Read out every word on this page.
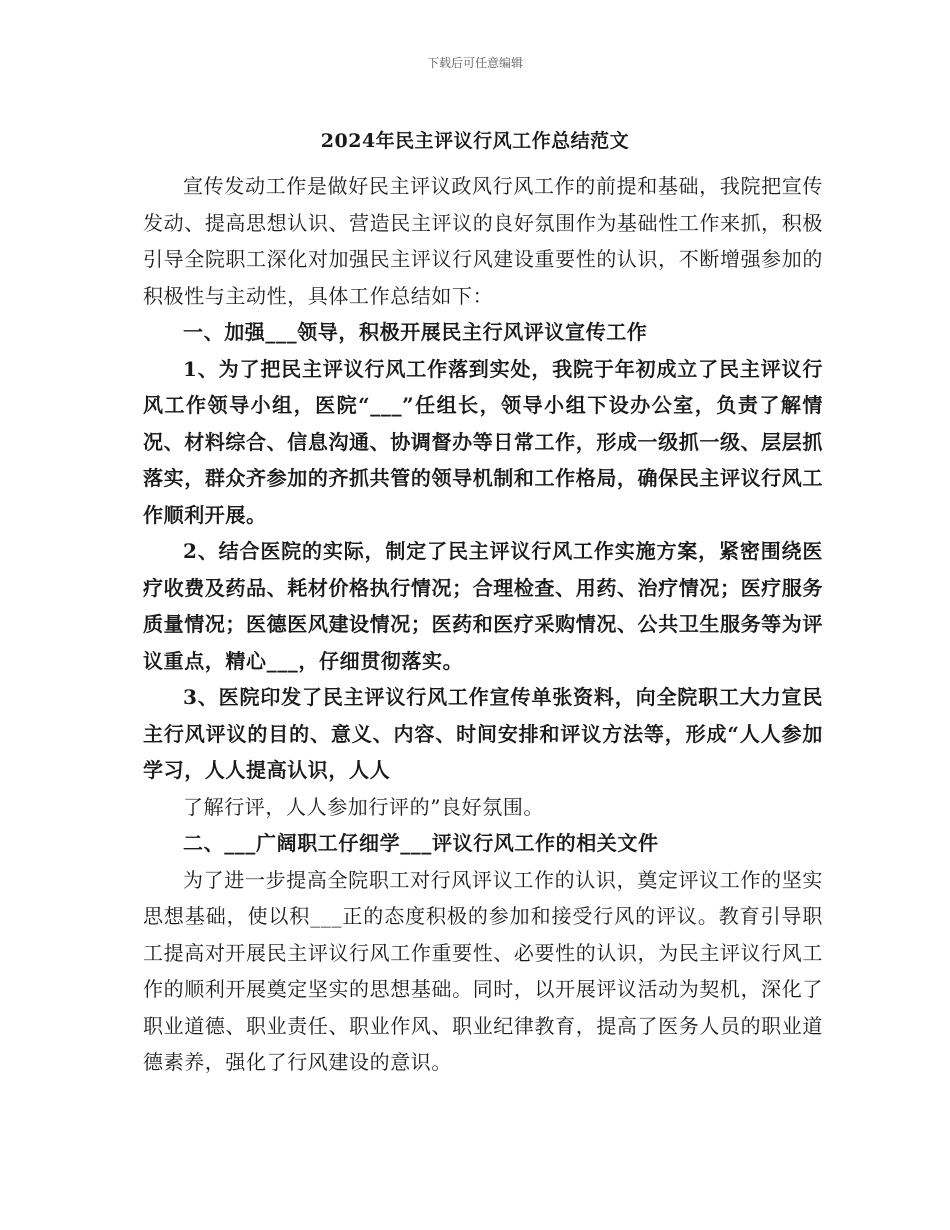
下载后可任意编辑
2024年民主评议行风工作总结范文

宣传发动工作是做好民主评议政风行风工作的前提和基础，我院把宣传发动、提高思想认识、营造民主评议的良好氛围作为基础性工作来抓，积极引导全院职工深化对加强民主评议行风建设重要性的认识，不断增强参加的积极性与主动性，具体工作总结如下：

一、加强___领导，积极开展民主行风评议宣传工作

1、为了把民主评议行风工作落到实处，我院于年初成立了民主评议行风工作领导小组，医院“___”任组长，领导小组下设办公室，负责了解情况、材料综合、信息沟通、协调督办等日常工作，形成一级抓一级、层层抓落实，群众齐参加的齐抓共管的领导机制和工作格局，确保民主评议行风工作顺利开展。

2、结合医院的实际，制定了民主评议行风工作实施方案，紧密围绕医疗收费及药品、耗材价格执行情况；合理检查、用药、治疗情况；医疗服务质量情况；医德医风建设情况；医药和医疗采购情况、公共卫生服务等为评议重点，精心___，仔细贯彻落实。

3、医院印发了民主评议行风工作宣传单张资料，向全院职工大力宣民主行风评议的目的、意义、内容、时间安排和评议方法等，形成“人人参加学习，人人提高认识，人人

了解行评，人人参加行评的”良好氛围。

二、___广阔职工仔细学___评议行风工作的相关文件

为了进一步提高全院职工对行风评议工作的认识，奠定评议工作的坚实思想基础，使以积___正的态度积极的参加和接受行风的评议。教育引导职工提高对开展民主评议行风工作重要性、必要性的认识，为民主评议行风工作的顺利开展奠定坚实的思想基础。同时，以开展评议活动为契机，深化了职业道德、职业责任、职业作风、职业纪律教育，提高了医务人员的职业道德素养，强化了行风建设的意识。
